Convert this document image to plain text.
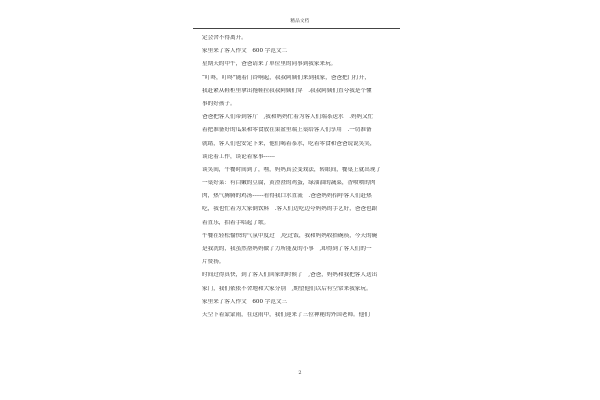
精品文档
定会舍不得离开。
家里来了客人作文　600 字范文二
星期天的中午，爸爸请来了单位里的同事到我家来玩。
“叮咚，叮咚”随着门铃响起，叔叔阿姨们来到我家，爸爸把门打开，
我赶紧从鞋柜里拿出拖鞋拉叔叔阿姨们穿　.叔叔阿姨们直夸我是个懂
事的好孩子。
爸爸把客人们带到客厅　,我和妈妈忙着为客人们端茶送水　.妈妈又忙
着把准备好的瓜果和零食放在果盆里端上桌给客人们享用　.一切准备
就绪，客人们也安定下来，他们喝着茶水，吃着零食和爸爸说说笑笑，
谈论着工作，谈论着家事------
谈笑间，午餐时间到了，嘿，妈妈真会变戏法，转眼间，餐桌上就出现了
一桌好菜：有白嫩的豆腐，黄澄澄的鸡蛋，绿油油的蔬菜，香喷喷的肉
肉，热气腾腾的鸡汤------看得我口水直流　.爸爸妈妈招呼客人们赶热
吃，我也忙着为大家倒饮料　.客人们边吃边夸妈妈的手艺好，爸爸也跟
着直乐，拍着手唱起了歌。
午餐在轻松愉快的气氛中度过　,吃过饭，我和妈妈收拾碗筷，今天的碗
是我洗的，我虽然帮妈妈做了力所能及的小事　,却得到了客人们的一
片赞扬。
时间过得真快，到了客人们回家的时候了　,爸爸，妈妈和我把客人送出
家门，我们依依不舍地和大家分别　,期望他们以后有空常来我家玩。
家里来了客人作文　600 字范文三
天空下着蒙蒙雨，在这雨中，我们迎来了三位神秘的外国老师。他们
2
